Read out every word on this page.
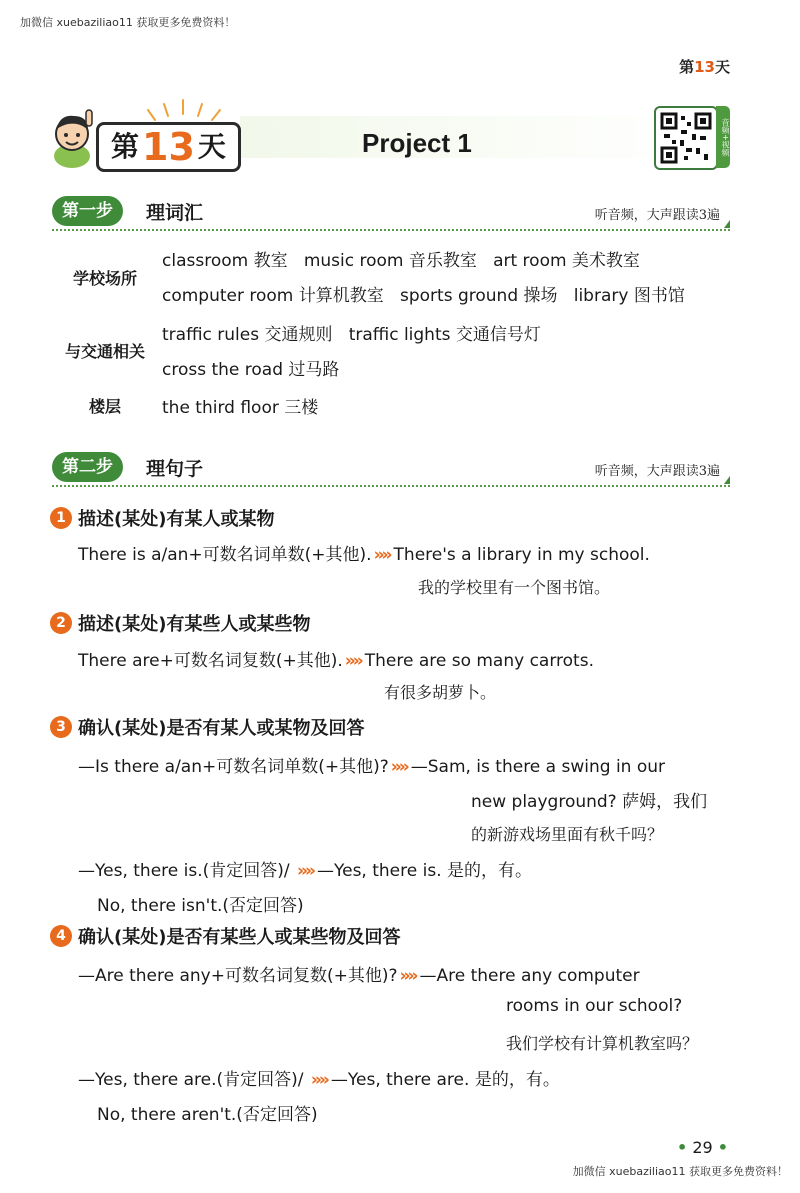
加微信 xuebaziliao11 获取更多免费资料！
第13天
第 13 天	Project 1	音频+视频
第一步	理词汇	听音频，大声跟读3遍
学校场所
classroom 教室 music room 音乐教室 art room 美术教室
computer room 计算机教室 sports ground 操场 library 图书馆
与交通相关
traffic rules 交通规则 traffic lights 交通信号灯
cross the road 过马路
楼层	the third floor 三楼
第二步	理句子	听音频，大声跟读3遍
1 描述(某处)有某人或某物
There is a/an+可数名词单数(+其他). »» There's a library in my school.
我的学校里有一个图书馆。
2 描述(某处)有某些人或某些物
There are+可数名词复数(+其他). »» There are so many carrots.
有很多胡萝卜。
3 确认(某处)是否有某人或某物及回答
—Is there a/an+可数名词单数(+其他)? »» —Sam, is there a swing in our
new playground? 萨姆，我们
的新游戏场里面有秋千吗？
—Yes, there is.(肯定回答)/ »» —Yes, there is. 是的，有。
No, there isn't.(否定回答)
4 确认(某处)是否有某些人或某些物及回答
—Are there any+可数名词复数(+其他)? »» —Are there any computer
rooms in our school?
我们学校有计算机教室吗？
—Yes, there are.(肯定回答)/ »» —Yes, there are. 是的，有。
No, there aren't.(否定回答)
• 29 •
加微信 xuebaziliao11 获取更多免费资料！
